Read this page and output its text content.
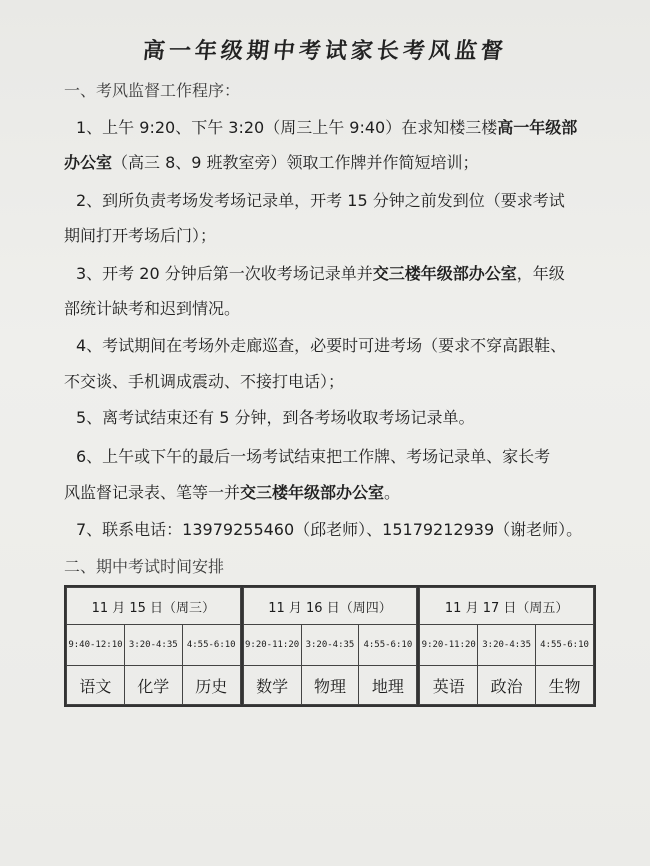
高一年级期中考试家长考风监督
一、考风监督工作程序：
1、上午 9:20、下午 3:20（周三上午 9:40）在求知楼三楼高一年级部
办公室（高三 8、9 班教室旁）领取工作牌并作简短培训；
2、到所负责考场发考场记录单，开考 15 分钟之前发到位（要求考试
期间打开考场后门）；
3、开考 20 分钟后第一次收考场记录单并交三楼年级部办公室，年级
部统计缺考和迟到情况。
4、考试期间在考场外走廊巡查，必要时可进考场（要求不穿高跟鞋、
不交谈、手机调成震动、不接打电话）；
5、离考试结束还有 5 分钟，到各考场收取考场记录单。
6、上午或下午的最后一场考试结束把工作牌、考场记录单、家长考
风监督记录表、笔等一并交三楼年级部办公室。
7、联系电话：13979255460（邱老师）、15179212939（谢老师）。
二、期中考试时间安排
11 月 15 日（周三）
9:40-12:10	3:20-4:35	4:55-6:10
语文	化学	历史

11 月 16 日（周四）
9:20-11:20	3:20-4:35	4:55-6:10
数学	物理	地理

11 月 17 日（周五）
9:20-11:20	3:20-4:35	4:55-6:10
英语	政治	生物
